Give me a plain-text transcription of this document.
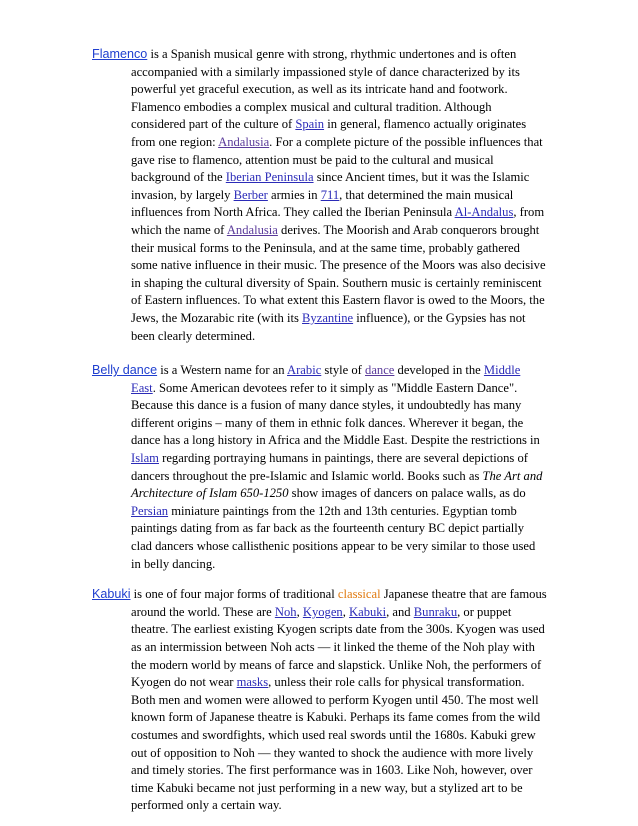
Flamenco is a Spanish musical genre with strong, rhythmic undertones and is often accompanied with a similarly impassioned style of dance characterized by its powerful yet graceful execution, as well as its intricate hand and footwork. Flamenco embodies a complex musical and cultural tradition. Although considered part of the culture of Spain in general, flamenco actually originates from one region: Andalusia. For a complete picture of the possible influences that gave rise to flamenco, attention must be paid to the cultural and musical background of the Iberian Peninsula since Ancient times, but it was the Islamic invasion, by largely Berber armies in 711, that determined the main musical influences from North Africa. They called the Iberian Peninsula Al-Andalus, from which the name of Andalusia derives. The Moorish and Arab conquerors brought their musical forms to the Peninsula, and at the same time, probably gathered some native influence in their music. The presence of the Moors was also decisive in shaping the cultural diversity of Spain. Southern music is certainly reminiscent of Eastern influences. To what extent this Eastern flavor is owed to the Moors, the Jews, the Mozarabic rite (with its Byzantine influence), or the Gypsies has not been clearly determined.

Belly dance is a Western name for an Arabic style of dance developed in the Middle East. Some American devotees refer to it simply as "Middle Eastern Dance". Because this dance is a fusion of many dance styles, it undoubtedly has many different origins – many of them in ethnic folk dances. Wherever it began, the dance has a long history in Africa and the Middle East. Despite the restrictions in Islam regarding portraying humans in paintings, there are several depictions of dancers throughout the pre-Islamic and Islamic world. Books such as The Art and Architecture of Islam 650-1250 show images of dancers on palace walls, as do Persian miniature paintings from the 12th and 13th centuries. Egyptian tomb paintings dating from as far back as the fourteenth century BC depict partially clad dancers whose callisthenic positions appear to be very similar to those used in belly dancing.

Kabuki is one of four major forms of traditional classical Japanese theatre that are famous around the world. These are Noh, Kyogen, Kabuki, and Bunraku, or puppet theatre. The earliest existing Kyogen scripts date from the 300s. Kyogen was used as an intermission between Noh acts — it linked the theme of the Noh play with the modern world by means of farce and slapstick. Unlike Noh, the performers of Kyogen do not wear masks, unless their role calls for physical transformation. Both men and women were allowed to perform Kyogen until 450. The most well known form of Japanese theatre is Kabuki. Perhaps its fame comes from the wild costumes and swordfights, which used real swords until the 1680s. Kabuki grew out of opposition to Noh — they wanted to shock the audience with more lively and timely stories. The first performance was in 1603. Like Noh, however, over time Kabuki became not just performing in a new way, but a stylized art to be performed only a certain way.
